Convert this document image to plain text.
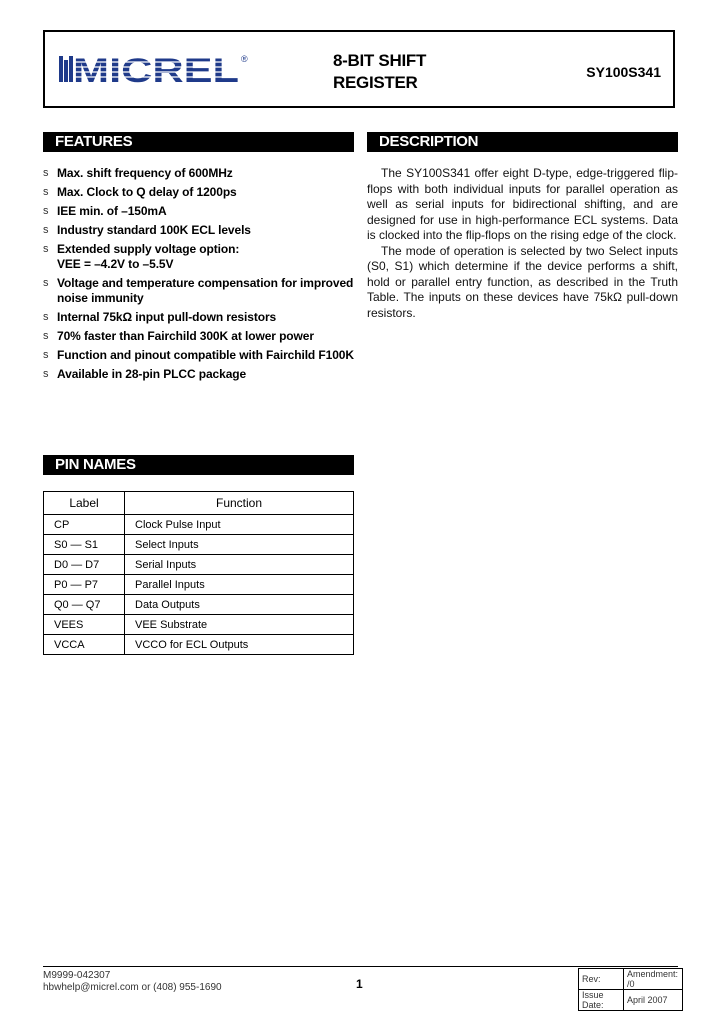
MICREL ®	8-BIT SHIFT
REGISTER
SY100S341
FEATURES
s Max. shift frequency of 600MHz
s Max. Clock to Q delay of 1200ps
s IEE min. of –150mA
s Industry standard 100K ECL levels
s Extended supply voltage option:
VEE = –4.2V to –5.5V
s Voltage and temperature compensation for improved noise immunity
s Internal 75kΩ input pull-down resistors
s 70% faster than Fairchild 300K at lower power
s Function and pinout compatible with Fairchild F100K
s Available in 28-pin PLCC package
DESCRIPTION

The SY100S341 offer eight D-type, edge-triggered flip-flops with both individual inputs for parallel operation as well as serial inputs for bidirectional shifting, and are designed for use in high-performance ECL systems. Data is clocked into the flip-flops on the rising edge of the clock.

The mode of operation is selected by two Select inputs (S0, S1) which determine if the device performs a shift, hold or parallel entry function, as described in the Truth Table. The inputs on these devices have 75kΩ pull-down resistors.

PIN NAMES
Label	Function
CP	Clock Pulse Input
S0 — S1	Select Inputs
D0 — D7	Serial Inputs
P0 — P7	Parallel Inputs
Q0 — Q7	Data Outputs
VEES	VEE Substrate
VCCA	VCCO for ECL Outputs
M9999-042307
hbwhelp@micrel.com or (408) 955-1690	1	Rev:	Amendment: /0
Issue Date:	April 2007
